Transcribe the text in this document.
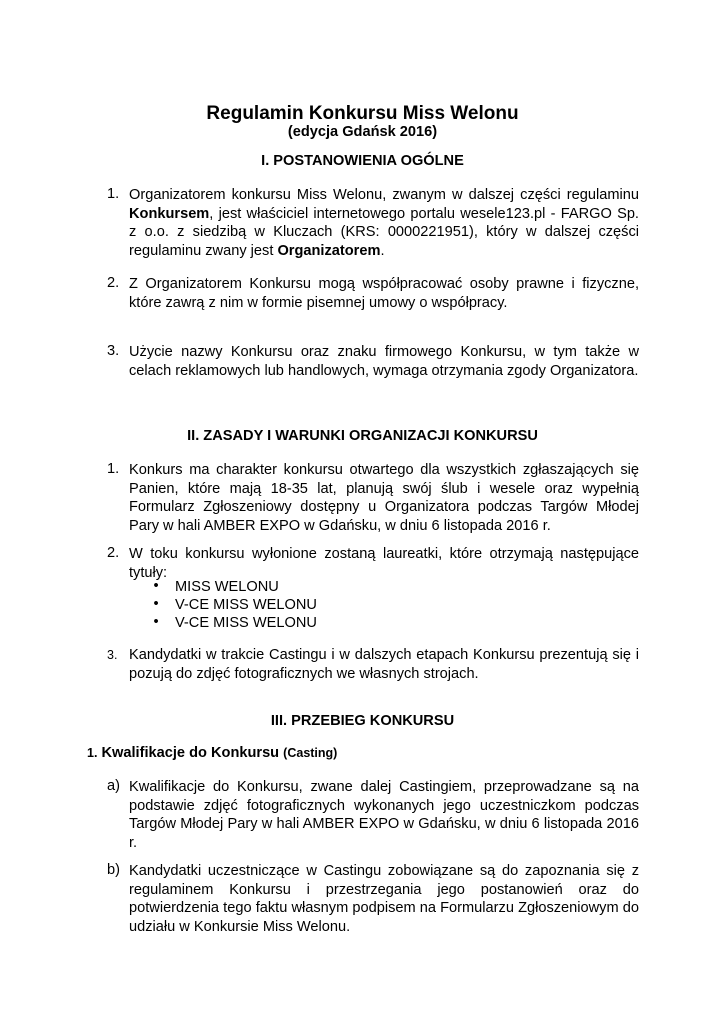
Regulamin Konkursu Miss Welonu
(edycja Gdańsk 2016)
I. POSTANOWIENIA OGÓLNE
1. Organizatorem konkursu Miss Welonu, zwanym w dalszej części regulaminu Konkursem, jest właściciel internetowego portalu wesele123.pl - FARGO Sp. z o.o. z siedzibą w Kluczach (KRS: 0000221951), który w dalszej części regulaminu zwany jest Organizatorem.
2. Z Organizatorem Konkursu mogą współpracować osoby prawne i fizyczne, które zawrą z nim w formie pisemnej umowy o współpracy.
3. Użycie nazwy Konkursu oraz znaku firmowego Konkursu, w tym także w celach reklamowych lub handlowych, wymaga otrzymania zgody Organizatora.
II. ZASADY I WARUNKI ORGANIZACJI KONKURSU
1. Konkurs ma charakter konkursu otwartego dla wszystkich zgłaszających się Panien, które mają 18-35 lat, planują swój ślub i wesele oraz wypełnią Formularz Zgłoszeniowy dostępny u Organizatora podczas Targów Młodej Pary w hali AMBER EXPO w Gdańsku, w dniu 6 listopada 2016 r.
2. W toku konkursu wyłonione zostaną laureatki, które otrzymają następujące tytuły:
• MISS WELONU
• V-CE MISS WELONU
• V-CE MISS WELONU
3. Kandydatki w trakcie Castingu i w dalszych etapach Konkursu prezentują się i pozują do zdjęć fotograficznych we własnych strojach.
III. PRZEBIEG KONKURSU
1. Kwalifikacje do Konkursu (Casting)
a) Kwalifikacje do Konkursu, zwane dalej Castingiem, przeprowadzane są na podstawie zdjęć fotograficznych wykonanych jego uczestniczkom podczas Targów Młodej Pary w hali AMBER EXPO w Gdańsku, w dniu 6 listopada 2016 r.
b) Kandydatki uczestniczące w Castingu zobowiązane są do zapoznania się z regulaminem Konkursu i przestrzegania jego postanowień oraz do potwierdzenia tego faktu własnym podpisem na Formularzu Zgłoszeniowym do udziału w Konkursie Miss Welonu.
